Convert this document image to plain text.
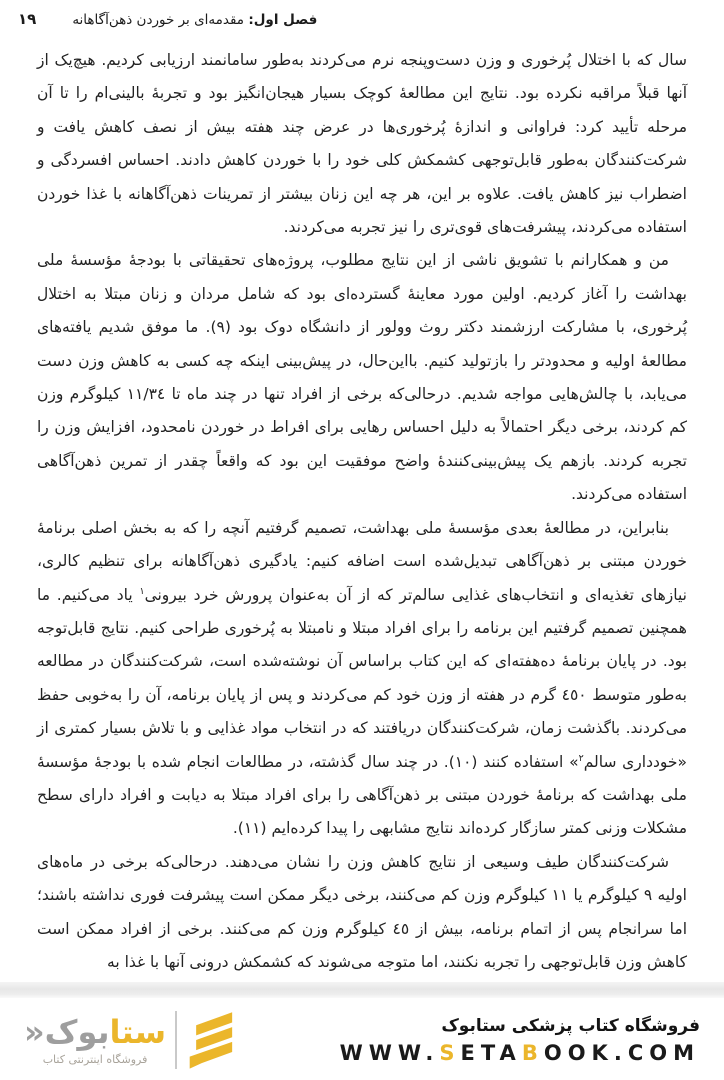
۱۹	فصل اول: مقدمه‌ای بر خوردن ذهن‌آگاهانه

سال که با اختلال پُرخوری و وزن دست‌وپنجه نرم می‌کردند به‌طور سامانمند ارزیابی کردیم. هیچ‌یک از آنها قبلاً مراقبه نکرده بود. نتایج این مطالعهٔ کوچک بسیار هیجان‌انگیز بود و تجربهٔ بالینی‌ام را تا آن مرحله تأیید کرد: فراوانی و اندازهٔ پُرخوری‌ها در عرض چند هفته بیش از نصف کاهش یافت و شرکت‌کنندگان به‌طور قابل‌توجهی کشمکش کلی خود را با خوردن کاهش دادند. احساس افسردگی و اضطراب نیز کاهش یافت. علاوه بر این، هر چه این زنان بیشتر از تمرینات ذهن‌آگاهانه با غذا خوردن استفاده می‌کردند، پیشرفت‌های قوی‌تری را نیز تجربه می‌کردند.

من و همکارانم با تشویق ناشی از این نتایج مطلوب، پروژه‌های تحقیقاتی با بودجهٔ مؤسسهٔ ملی بهداشت را آغاز کردیم. اولین مورد معاینهٔ گسترده‌ای بود که شامل مردان و زنان مبتلا به اختلال پُرخوری، با مشارکت ارزشمند دکتر روث وولور از دانشگاه دوک بود (۹). ما موفق شدیم یافته‌های مطالعهٔ اولیه و محدودتر را بازتولید کنیم. بااین‌حال، در پیش‌بینی اینکه چه کسی به کاهش وزن دست می‌یابد، با چالش‌هایی مواجه شدیم. درحالی‌که برخی از افراد تنها در چند ماه تا ۱۱/۳٤ کیلوگرم وزن کم کردند، برخی دیگر احتمالاً به دلیل احساس رهایی برای افراط در خوردن نامحدود، افزایش وزن را تجربه کردند. بازهم یک پیش‌بینی‌کنندهٔ واضح موفقیت این بود که واقعاً چقدر از تمرین ذهن‌آگاهی استفاده می‌کردند.

بنابراین، در مطالعهٔ بعدی مؤسسهٔ ملی بهداشت، تصمیم گرفتیم آنچه را که به بخش اصلی برنامهٔ خوردن مبتنی بر ذهن‌آگاهی تبدیل‌شده است اضافه کنیم: یادگیری ذهن‌آگاهانه برای تنظیم کالری، نیازهای تغذیه‌ای و انتخاب‌های غذایی سالم‌تر که از آن به‌عنوان پرورش خرد بیرونی$^۱$ یاد می‌کنیم. ما همچنین تصمیم گرفتیم این برنامه را برای افراد مبتلا و نامبتلا به پُرخوری طراحی کنیم. نتایج قابل‌توجه بود. در پایان برنامهٔ ده‌هفته‌ای که این کتاب براساس آن نوشته‌شده است، شرکت‌کنندگان در مطالعه به‌طور متوسط ٤٥٠ گرم در هفته از وزن خود کم می‌کردند و پس از پایان برنامه، آن را به‌خوبی حفظ می‌کردند. باگذشت زمان، شرکت‌کنندگان دریافتند که در انتخاب مواد غذایی و با تلاش بسیار کمتری از «خودداری سالم$^۲$» استفاده کنند (۱۰). در چند سال گذشته، در مطالعات انجام شده با بودجهٔ مؤسسهٔ ملی بهداشت که برنامهٔ خوردن مبتنی بر ذهن‌آگاهی را برای افراد مبتلا به دیابت و افراد دارای سطح مشکلات وزنی کمتر سازگار کرده‌اند نتایج مشابهی را پیدا کرده‌ایم (۱۱).

شرکت‌کنندگان طیف وسیعی از نتایج کاهش وزن را نشان می‌دهند. درحالی‌که برخی در ماه‌های اولیه ۹ کیلوگرم یا ۱۱ کیلوگرم وزن کم می‌کنند، برخی دیگر ممکن است پیشرفت فوری نداشته باشند؛ اما سرانجام پس از اتمام برنامه، بیش از ٤٥ کیلوگرم وزن کم می‌کنند. برخی از افراد ممکن است کاهش وزن قابل‌توجهی را تجربه نکنند، اما متوجه می‌شوند که کشمکش درونی آنها با غذا به

ستابوک«
فروشگاه اینترنتی کتاب
فروشگاه کتاب پزشکی ستابوک
WWW.SETABOOK.COM
